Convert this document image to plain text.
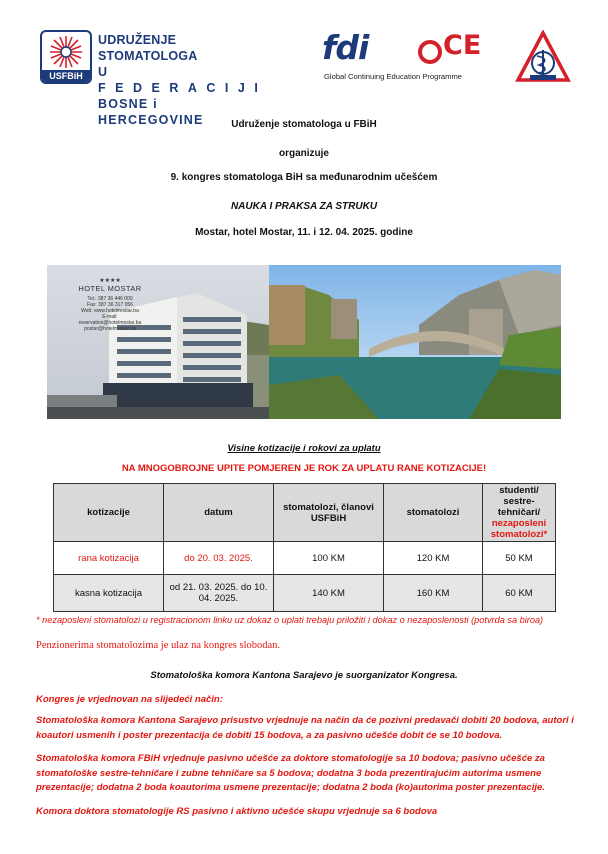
USFBiH
UDRUŽENJE STOMATOLOGA
U FEDERACIJI
BOSNE i HERCEGOVINE
fdi	CE
Global Continuing Education Programme
Udruženje stomatologa u FBiH
organizuje
9. kongres stomatologa BiH sa međunarodnim učešćem
NAUKA I PRAKSA ZA STRUKU
Mostar, hotel Mostar, 11. i 12. 04. 2025. godine
★★★★
HOTEL MOSTAR
Tel.: 387 36 446 000
Fax: 387 36 317 056
Web: www.hotelmostar.ba
E-mail: reservation@hotelmostar.ba
postar@hotelmostar.ba
Visine kotizacije i rokovi za uplatu
NA MNOGOBROJNE UPITE POMJEREN JE ROK ZA UPLATU RANE KOTIZACIJE!
kotizacije	datum	stomatolozi, članovi USFBiH	stomatolozi	studenti/ sestre-tehničari/
nezaposleni stomatolozi*
rana kotizacija	do 20. 03. 2025.	100 KM	120 KM	50 KM
kasna kotizacija	od 21. 03. 2025. do 10. 04. 2025.	140 KM	160 KM	60 KM
* nezaposleni stomatolozi u registracionom linku uz dokaz o uplati trebaju priložiti i dokaz o nezaposlenosti (potvrda sa biroa)
Penzionerima stomatolozima je ulaz na kongres slobodan.
Stomatološka komora Kantona Sarajevo je suorganizator Kongresa.
Kongres je vrjednovan na slijedeći način:
Stomatološka komora Kantona Sarajevo prisustvo vrjednuje na način da će pozivni predavači dobiti 20 bodova, autori i koautori usmenih i poster prezentacija će dobiti 15 bodova, a za pasivno učešće dobit će se 10 bodova.
Stomatološka komora FBiH vrjednuje pasivno učešće za doktore stomatologije sa 10 bodova; pasivno učešće za stomatološke sestre-tehničare i zubne tehničare sa 5 bodova; dodatna 3 boda prezentirajućim autorima usmene prezentacije; dodatna 2 boda koautorima usmene prezentacije; dodatna 2 boda (ko)autorima poster prezentacije.
Komora doktora stomatologije RS pasivno i aktivno učešće skupu vrjednuje sa 6 bodova
